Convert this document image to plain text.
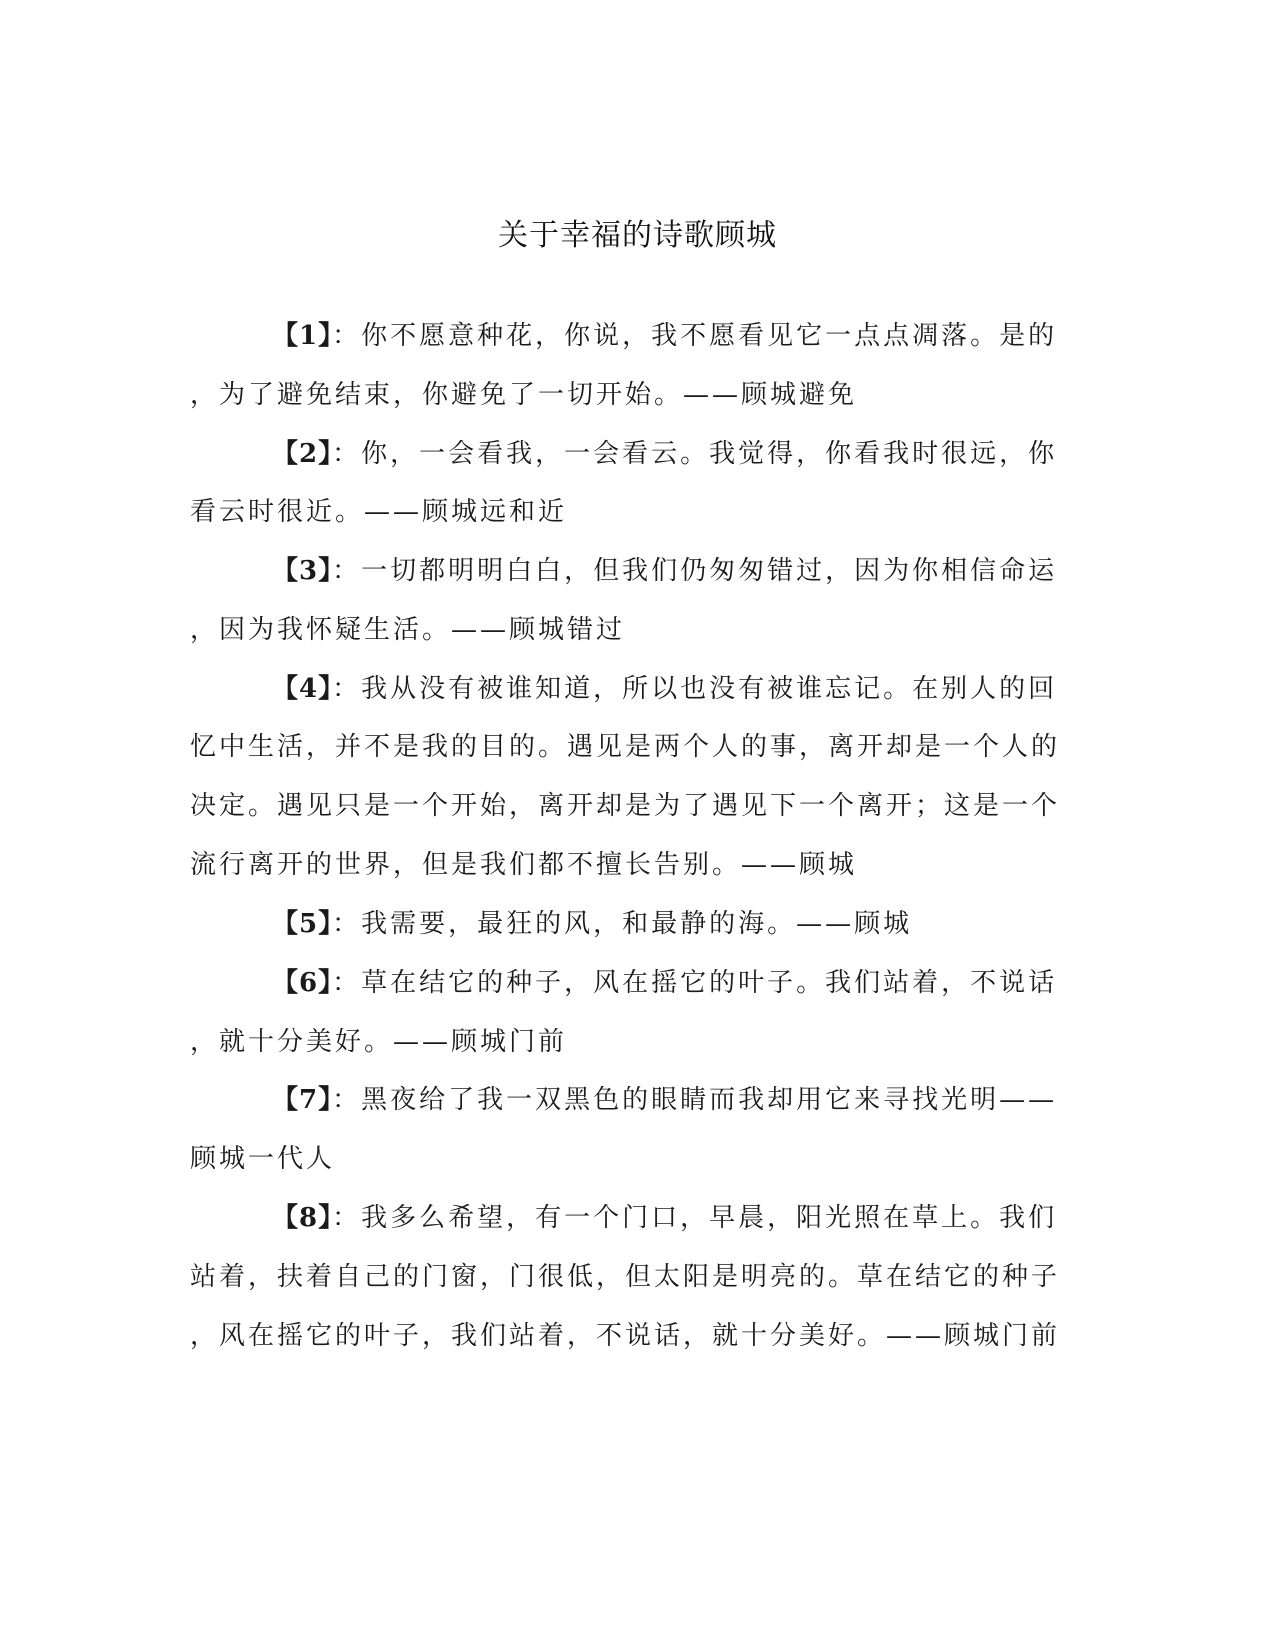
关于幸福的诗歌顾城
【1】：你不愿意种花，你说，我不愿看见它一点点凋落。是的
，为了避免结束，你避免了一切开始。——顾城避免
【2】：你，一会看我，一会看云。我觉得，你看我时很远，你
看云时很近。——顾城远和近
【3】：一切都明明白白，但我们仍匆匆错过，因为你相信命运
，因为我怀疑生活。——顾城错过
【4】：我从没有被谁知道，所以也没有被谁忘记。在别人的回
忆中生活，并不是我的目的。遇见是两个人的事，离开却是一个人的
决定。遇见只是一个开始，离开却是为了遇见下一个离开；这是一个
流行离开的世界，但是我们都不擅长告别。——顾城
【5】：我需要，最狂的风，和最静的海。——顾城
【6】：草在结它的种子，风在摇它的叶子。我们站着，不说话
，就十分美好。——顾城门前
【7】：黑夜给了我一双黑色的眼睛而我却用它来寻找光明——
顾城一代人
【8】：我多么希望，有一个门口，早晨，阳光照在草上。我们
站着，扶着自己的门窗，门很低，但太阳是明亮的。草在结它的种子
，风在摇它的叶子，我们站着，不说话，就十分美好。——顾城门前
